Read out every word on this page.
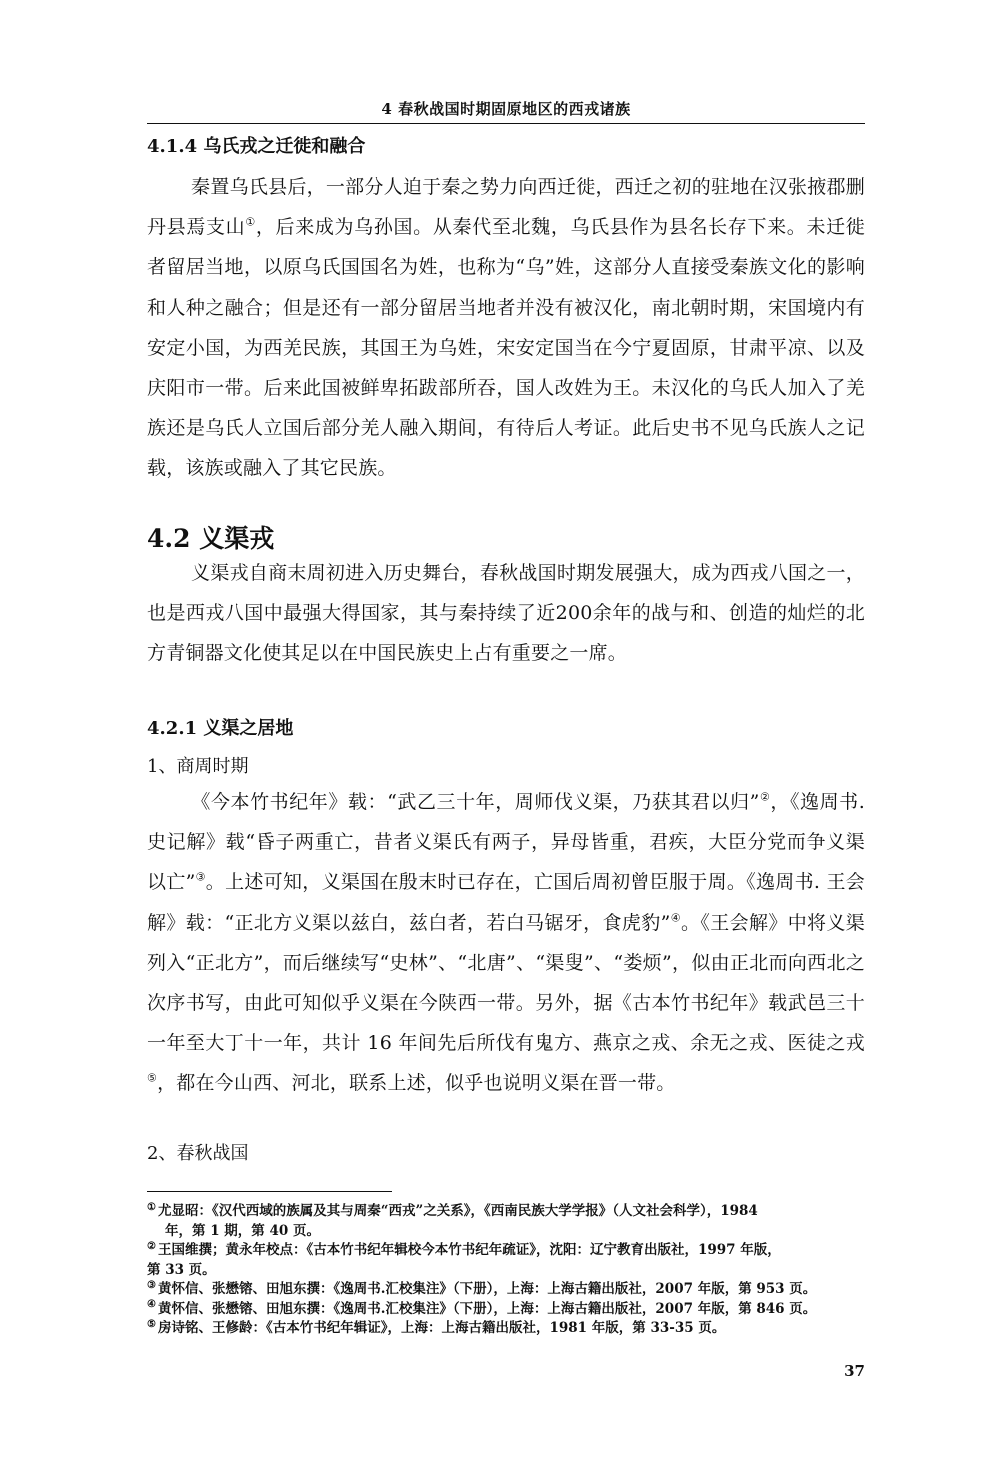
4 春秋战国时期固原地区的西戎诸族
4.1.4 乌氏戎之迁徙和融合
秦置乌氏县后，一部分人迫于秦之势力向西迁徙，西迁之初的驻地在汉张掖郡删丹县焉支山①，后来成为乌孙国。从秦代至北魏，乌氏县作为县名长存下来。未迁徙者留居当地，以原乌氏国国名为姓，也称为“乌”姓，这部分人直接受秦族文化的影响和人种之融合；但是还有一部分留居当地者并没有被汉化，南北朝时期，宋国境内有安定小国，为西羌民族，其国王为乌姓，宋安定国当在今宁夏固原，甘肃平凉、以及庆阳市一带。后来此国被鲜卑拓跋部所吞，国人改姓为王。未汉化的乌氏人加入了羌族还是乌氏人立国后部分羌人融入期间，有待后人考证。此后史书不见乌氏族人之记载，该族或融入了其它民族。
4.2 义渠戎
义渠戎自商末周初进入历史舞台，春秋战国时期发展强大，成为西戎八国之一，也是西戎八国中最强大得国家，其与秦持续了近200余年的战与和、创造的灿烂的北方青铜器文化使其足以在中国民族史上占有重要之一席。
4.2.1 义渠之居地
1、商周时期
《今本竹书纪年》载：“武乙三十年，周师伐义渠，乃获其君以归”②，《逸周书. 史记解》载“昏子两重亡，昔者义渠氏有两子，异母皆重，君疾，大臣分党而争义渠以亡”③。上述可知，义渠国在殷末时已存在，亡国后周初曾臣服于周。《逸周书. 王会解》载：“正北方义渠以兹白，兹白者，若白马锯牙，食虎豹”④。《王会解》中将义渠列入“正北方”，而后继续写“史林”、“北唐”、“渠叟”、“娄烦”，似由正北而向西北之次序书写，由此可知似乎义渠在今陕西一带。另外，据《古本竹书纪年》载武邑三十一年至大丁十一年，共计 16 年间先后所伐有鬼方、燕京之戎、余无之戎、医徒之戎⑤，都在今山西、河北，联系上述，似乎也说明义渠在晋一带。
2、春秋战国
① 尤显昭：《汉代西域的族属及其与周秦“西戎”之关系》，《西南民族大学学报》（人文社会科学），1984
年，第 1 期，第 40 页。
② 王国维撰；黄永年校点：《古本竹书纪年辑校今本竹书纪年疏证》，沈阳：辽宁教育出版社，1997 年版，
第 33 页。
③ 黄怀信、张懋镕、田旭东撰：《逸周书.汇校集注》（下册），上海：上海古籍出版社，2007 年版，第 953 页。
④ 黄怀信、张懋镕、田旭东撰：《逸周书.汇校集注》（下册），上海：上海古籍出版社，2007 年版，第 846 页。
⑤ 房诗铭、王修龄：《古本竹书纪年辑证》，上海：上海古籍出版社，1981 年版，第 33-35 页。
37
